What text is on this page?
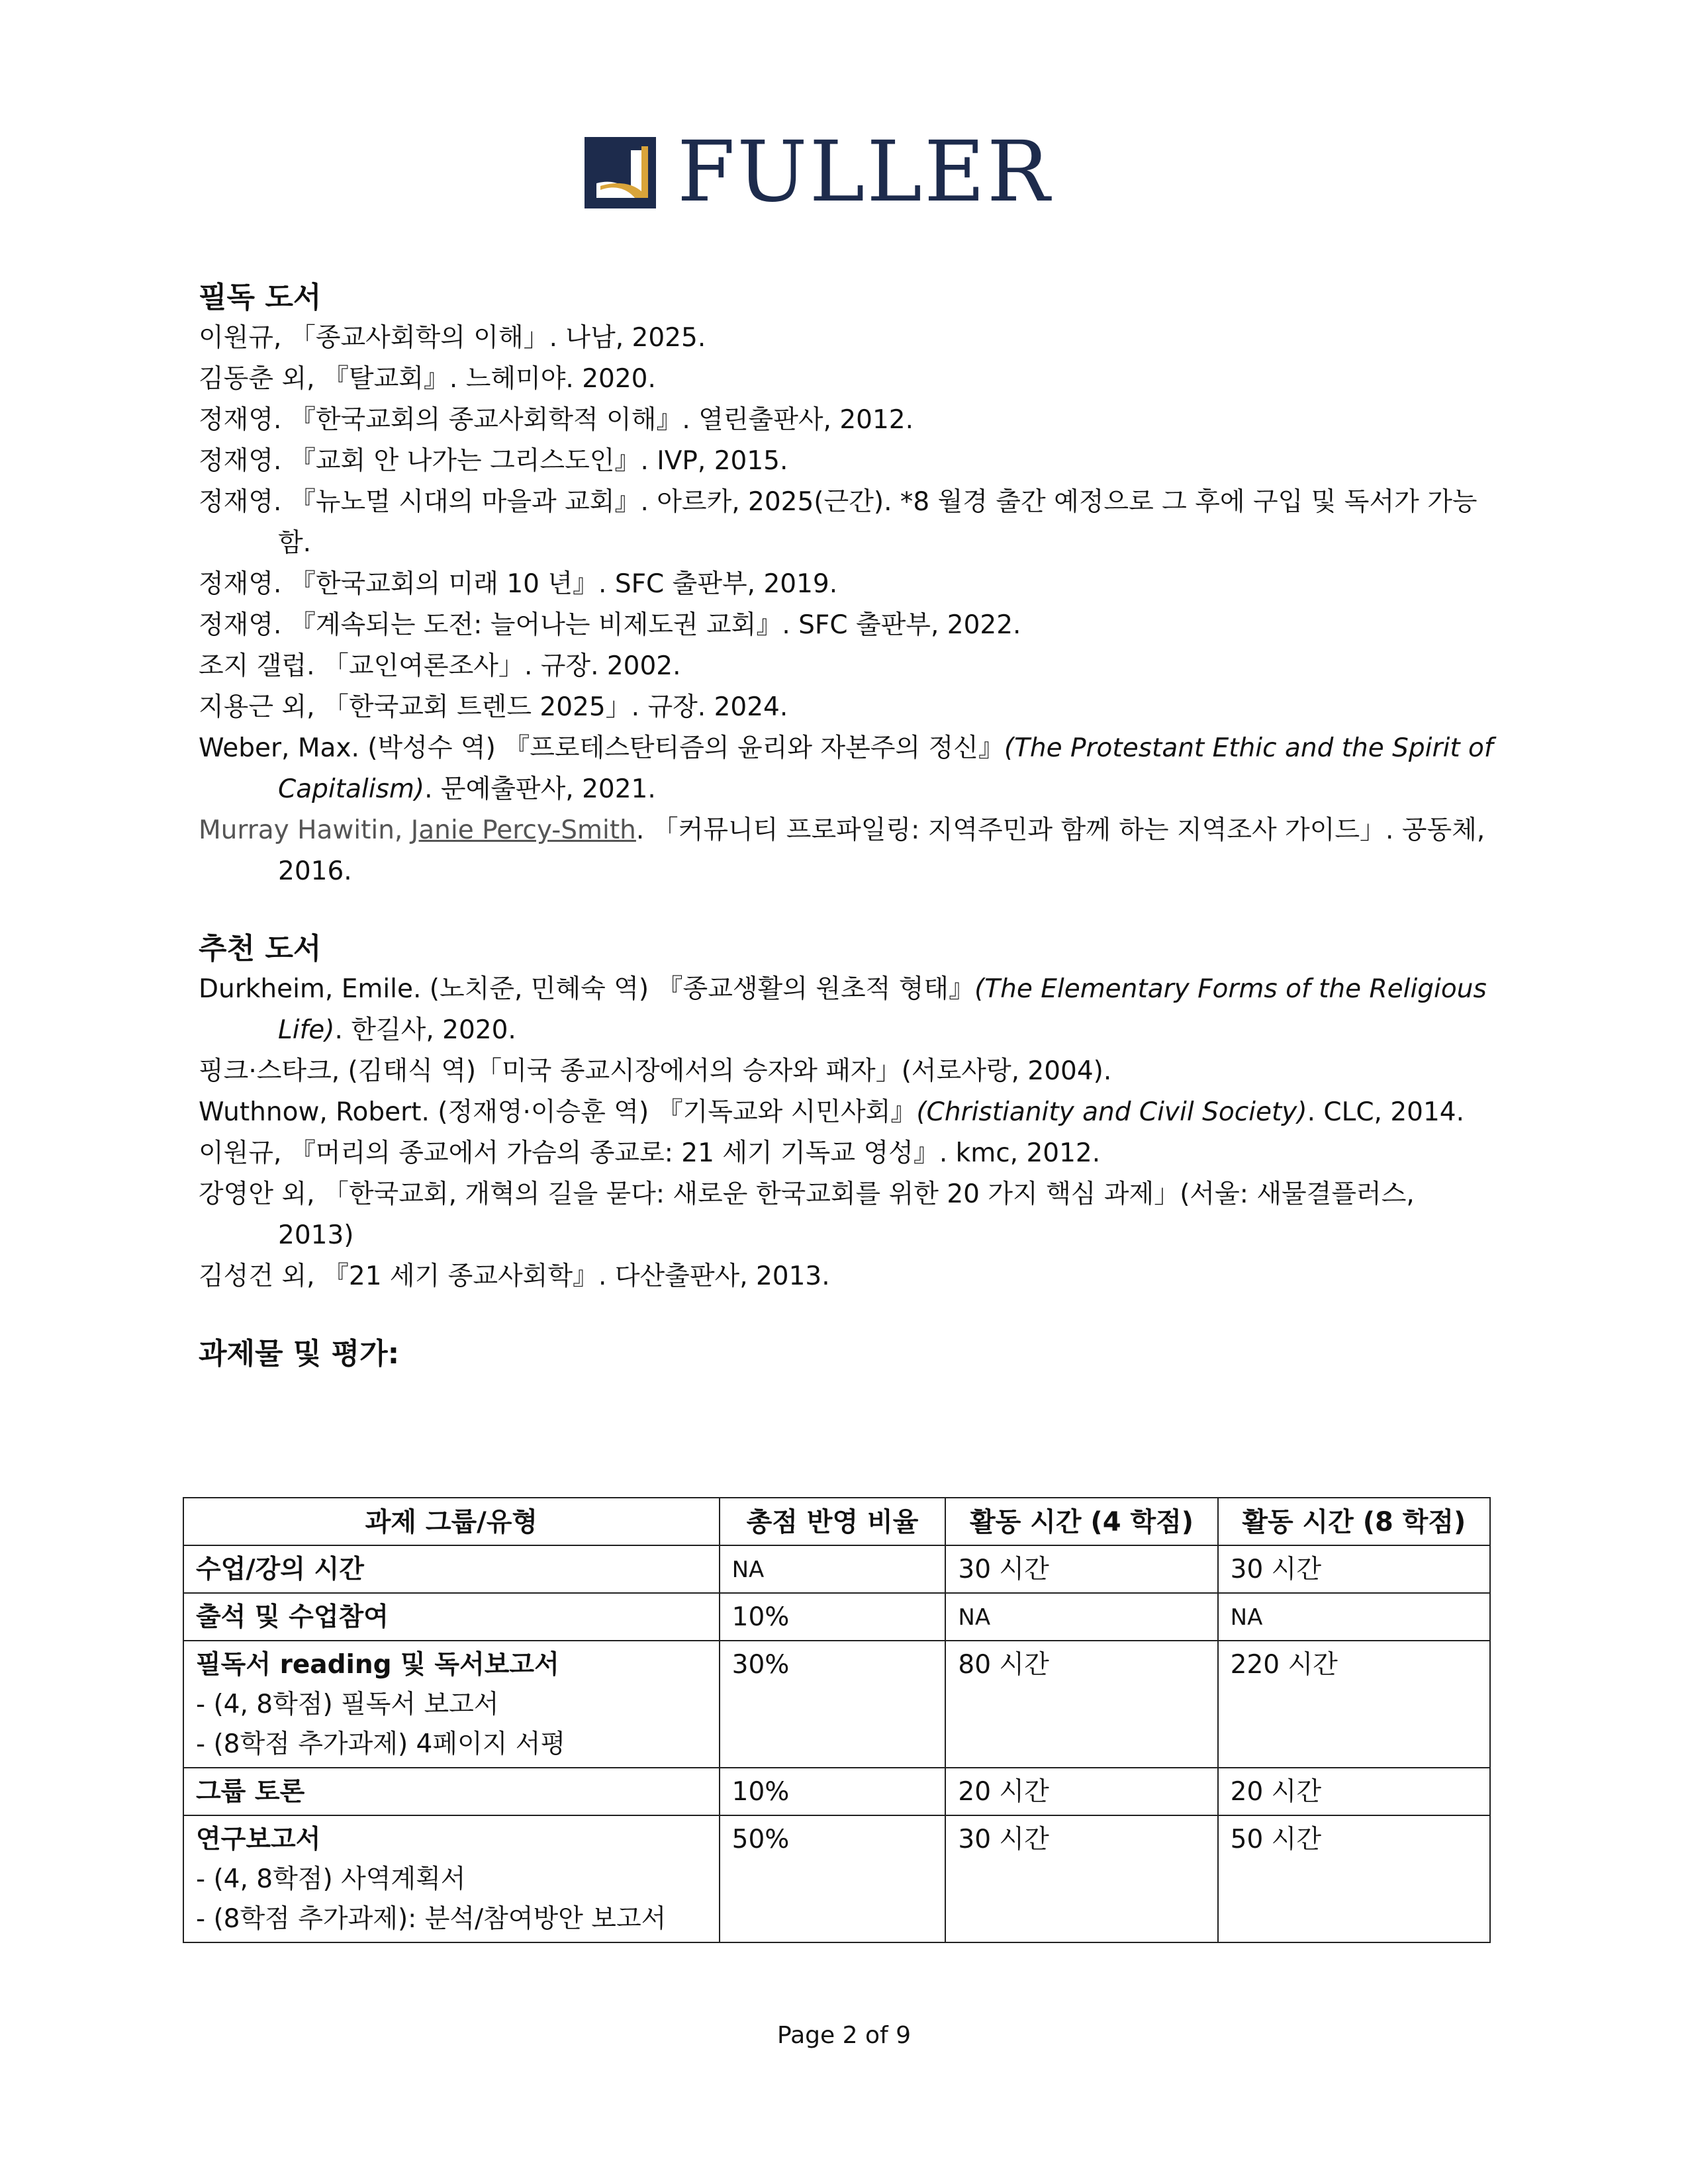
FULLER
필독 도서

이원규, 「종교사회학의 이해」. 나남, 2025.

김동춘 외, 『탈교회』. 느헤미야. 2020.

정재영. 『한국교회의 종교사회학적 이해』. 열린출판사, 2012.

정재영. 『교회 안 나가는 그리스도인』. IVP, 2015.

정재영. 『뉴노멀 시대의 마을과 교회』. 아르카, 2025(근간). *8 월경 출간 예정으로 그 후에 구입 및 독서가 가능함.

정재영. 『한국교회의 미래 10 년』. SFC 출판부, 2019.

정재영. 『계속되는 도전: 늘어나는 비제도권 교회』. SFC 출판부, 2022.

조지 갤럽. 「교인여론조사」. 규장. 2002.

지용근 외, 「한국교회 트렌드 2025」. 규장. 2024.

Weber, Max. (박성수 역) 『프로테스탄티즘의 윤리와 자본주의 정신』(The Protestant Ethic and the Spirit of Capitalism). 문예출판사, 2021.

Murray Hawitin, Janie Percy-Smith. 「커뮤니티 프로파일링: 지역주민과 함께 하는 지역조사 가이드」. 공동체, 2016.

추천 도서

Durkheim, Emile. (노치준, 민혜숙 역) 『종교생활의 원초적 형태』(The Elementary Forms of the Religious Life). 한길사, 2020.

핑크·스타크, (김태식 역)「미국 종교시장에서의 승자와 패자」(서로사랑, 2004).

Wuthnow, Robert. (정재영·이승훈 역) 『기독교와 시민사회』(Christianity and Civil Society). CLC, 2014.

이원규, 『머리의 종교에서 가슴의 종교로: 21 세기 기독교 영성』. kmc, 2012.

강영안 외, 「한국교회, 개혁의 길을 묻다: 새로운 한국교회를 위한 20 가지 핵심 과제」(서울: 새물결플러스, 2013)

김성건 외, 『21 세기 종교사회학』. 다산출판사, 2013.

과제물 및 평가:
과제 그룹/유형	총점 반영 비율	활동 시간 (4 학점)	활동 시간 (8 학점)

수업/강의 시간	NA	30 시간	30 시간

출석 및 수업참여	10%	NA	NA

필독서 reading 및 독서보고서
- (4, 8학점) 필독서 보고서
- (8학점 추가과제) 4페이지 서평	30%	80 시간	220 시간

그룹 토론	10%	20 시간	20 시간

연구보고서
- (4, 8학점) 사역계획서
- (8학점 추가과제): 분석/참여방안 보고서	50%	30 시간	50 시간
Page 2 of 9
